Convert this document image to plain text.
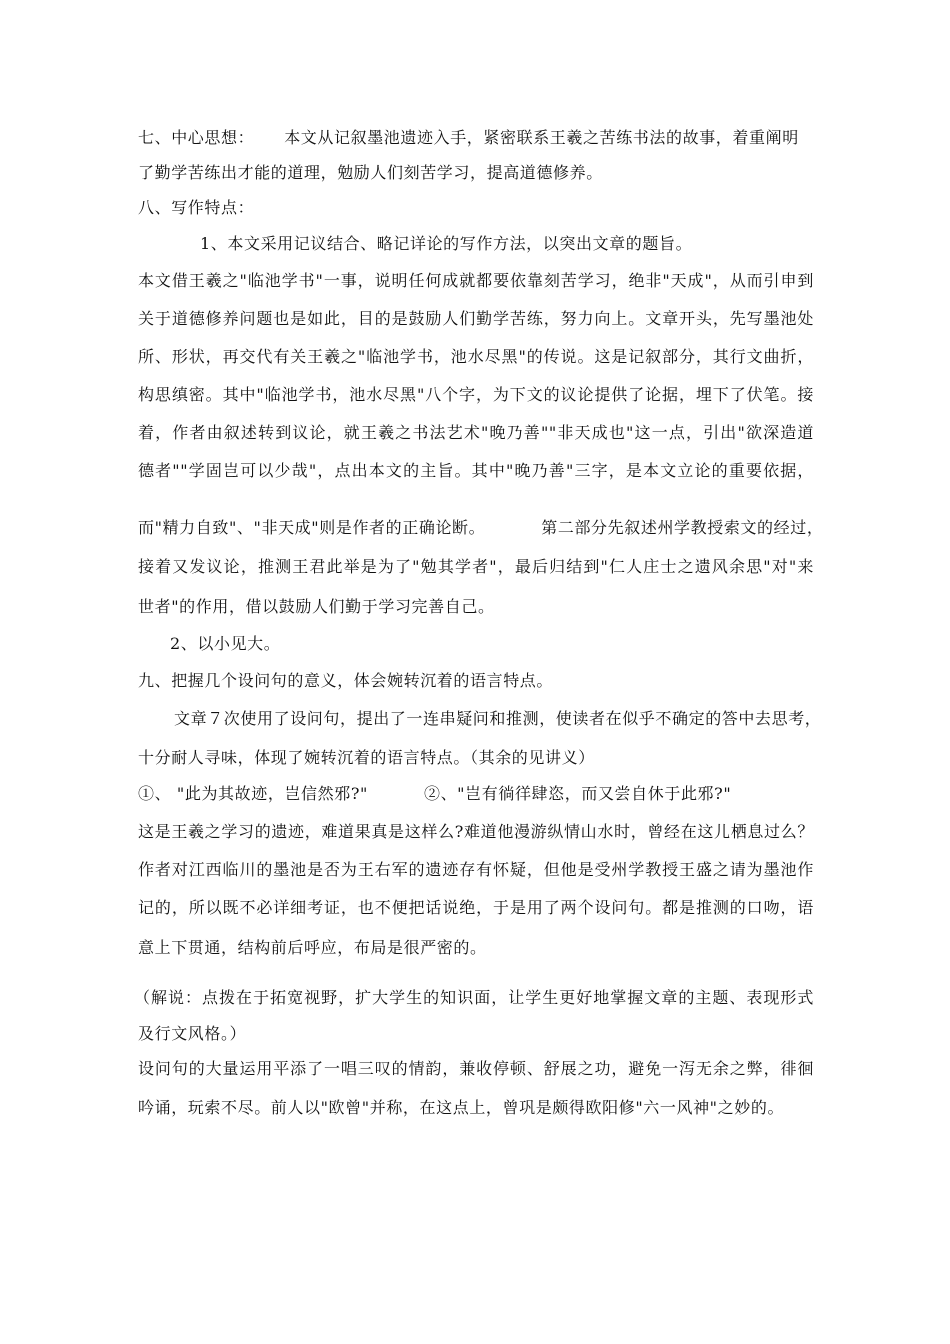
七、中心思想： 本文从记叙墨池遗迹入手，紧密联系王羲之苦练书法的故事，着重阐明
了勤学苦练出才能的道理，勉励人们刻苦学习，提高道德修养。
八、写作特点：
1、本文采用记议结合、略记详论的写作方法，以突出文章的题旨。
本文借王羲之"临池学书"一事，说明任何成就都要依靠刻苦学习，绝非"天成"，从而引申到
关于道德修养问题也是如此，目的是鼓励人们勤学苦练，努力向上。文章开头，先写墨池处
所、形状，再交代有关王羲之"临池学书，池水尽黑"的传说。这是记叙部分，其行文曲折，
构思缜密。其中"临池学书，池水尽黑"八个字，为下文的议论提供了论据，埋下了伏笔。接
着，作者由叙述转到议论，就王羲之书法艺术"晚乃善""非天成也"这一点，引出"欲深造道
德者""学固岂可以少哉"，点出本文的主旨。其中"晚乃善"三字，是本文立论的重要依据，
而"精力自致"、"非天成"则是作者的正确论断。	第二部分先叙述州学教授索文的经过，
接着又发议论，推测王君此举是为了"勉其学者"，最后归结到"仁人庄士之遗风余思"对"来
世者"的作用，借以鼓励人们勤于学习完善自己。
2、以小见大。
九、把握几个设问句的意义，体会婉转沉着的语言特点。
文章７次使用了设问句，提出了一连串疑问和推测，使读者在似乎不确定的答中去思考，
十分耐人寻味，体现了婉转沉着的语言特点。（其余的见讲义）
①、 "此为其故迹，岂信然邪?"	②、"岂有徜徉肆恣，而又尝自休于此邪?"
这是王羲之学习的遗迹，难道果真是这样么?难道他漫游纵情山水时，曾经在这儿栖息过么？
作者对江西临川的墨池是否为王右军的遗迹存有怀疑，但他是受州学教授王盛之请为墨池作
记的，所以既不必详细考证，也不便把话说绝，于是用了两个设问句。都是推测的口吻，语
意上下贯通，结构前后呼应，布局是很严密的。
（解说：点拨在于拓宽视野，扩大学生的知识面，让学生更好地掌握文章的主题、表现形式
及行文风格。）
设问句的大量运用平添了一唱三叹的情韵，兼收停顿、舒展之功，避免一泻无余之弊，徘徊
吟诵，玩索不尽。前人以"欧曾"并称，在这点上，曾巩是颇得欧阳修"六一风神"之妙的。
